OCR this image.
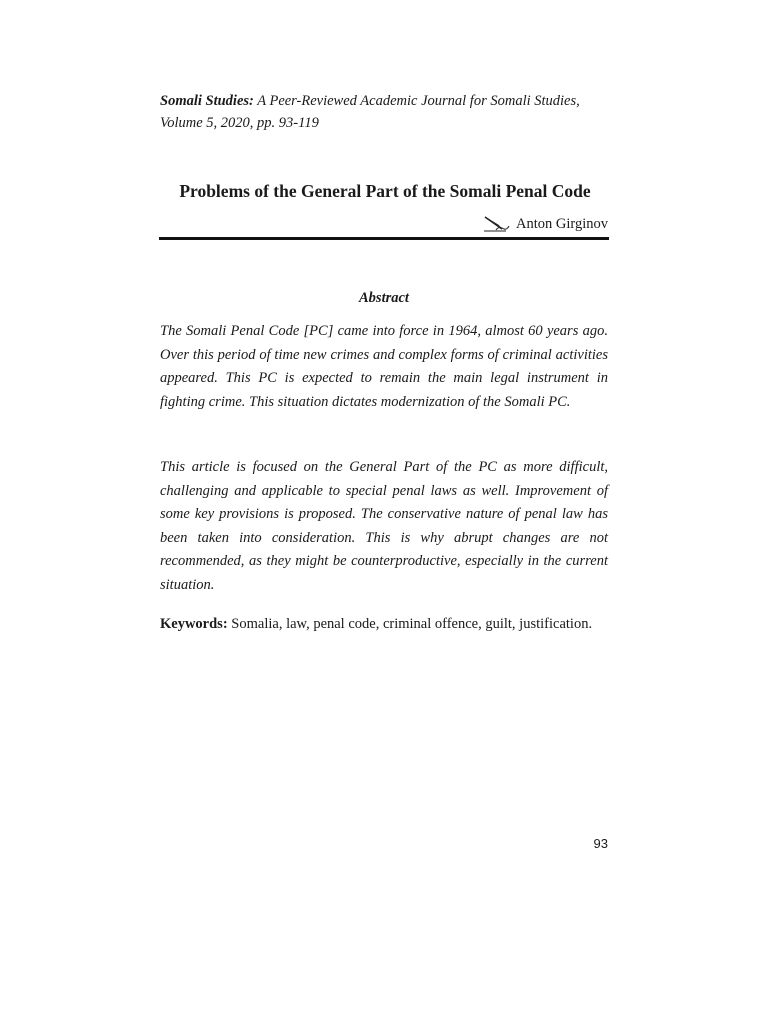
Somali Studies: A Peer-Reviewed Academic Journal for Somali Studies,
Volume 5, 2020, pp. 93-119
Problems of the General Part of the Somali Penal Code
Anton Girginov
Abstract

The Somali Penal Code [PC] came into force in 1964, almost 60 years ago. Over this period of time new crimes and complex forms of criminal activities appeared. This PC is expected to remain the main legal instrument in fighting crime. This situation dictates modernization of the Somali PC.

This article is focused on the General Part of the PC as more difficult, challenging and applicable to special penal laws as well. Improvement of some key provisions is proposed. The conservative nature of penal law has been taken into consideration. This is why abrupt changes are not recommended, as they might be counterproductive, especially in the current situation.

Keywords: Somalia, law, penal code, criminal offence, guilt, justification.
93
